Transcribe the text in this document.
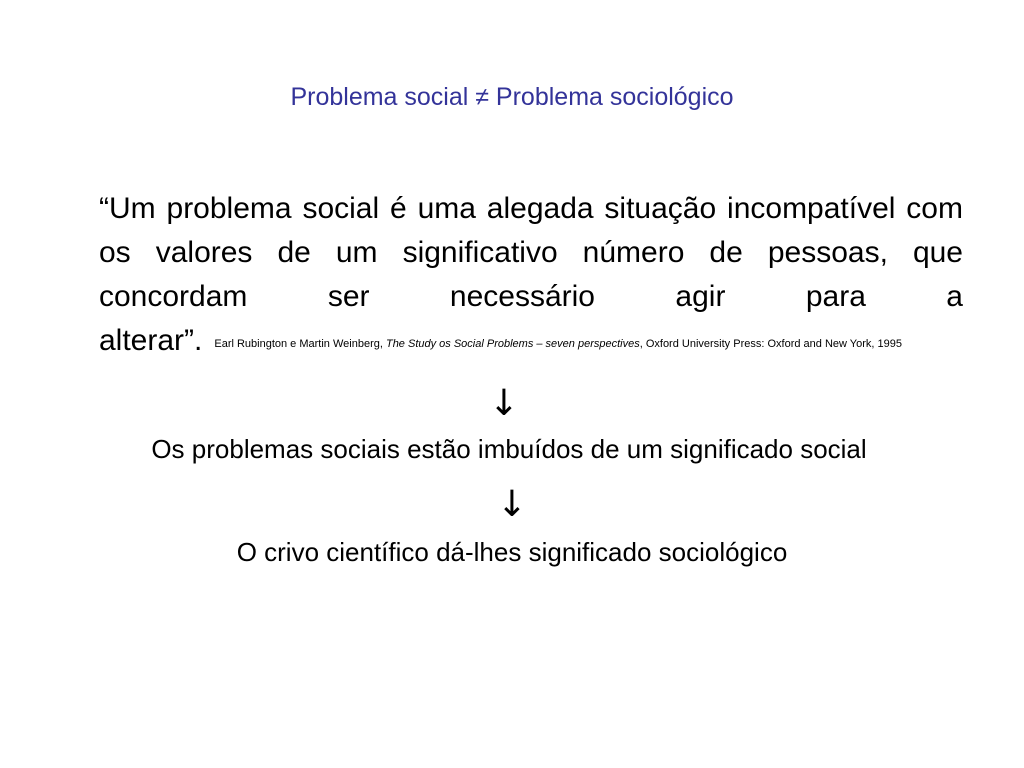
Problema social ≠ Problema sociológico

“Um problema social é uma alegada situação incompatível com os valores de um significativo número de pessoas, que concordam ser necessário agir para a alterar”. Earl Rubington e Martin Weinberg, The Study os Social Problems – seven perspectives, Oxford University Press: Oxford and New York, 1995

↓
Os problemas sociais estão imbuídos de um significado social
↓
O crivo científico dá-lhes significado sociológico
